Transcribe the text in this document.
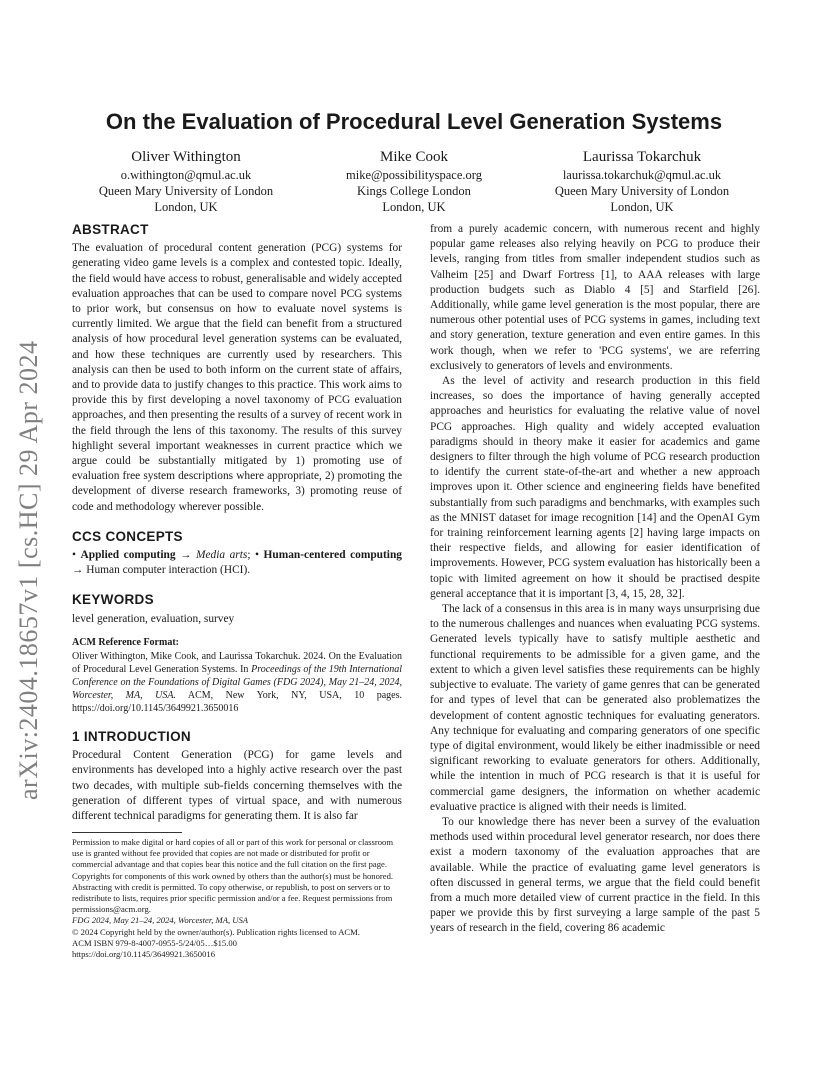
arXiv:2404.18657v1 [cs.HC] 29 Apr 2024
On the Evaluation of Procedural Level Generation Systems
Oliver Withington
o.withington@qmul.ac.uk
Queen Mary University of London
London, UK
Mike Cook
mike@possibilityspace.org
Kings College London
London, UK
Laurissa Tokarchuk
laurissa.tokarchuk@qmul.ac.uk
Queen Mary University of London
London, UK
ABSTRACT

The evaluation of procedural content generation (PCG) systems for generating video game levels is a complex and contested topic. Ideally, the field would have access to robust, generalisable and widely accepted evaluation approaches that can be used to compare novel PCG systems to prior work, but consensus on how to evaluate novel systems is currently limited. We argue that the field can benefit from a structured analysis of how procedural level generation systems can be evaluated, and how these techniques are currently used by researchers. This analysis can then be used to both inform on the current state of affairs, and to provide data to justify changes to this practice. This work aims to provide this by first developing a novel taxonomy of PCG evaluation approaches, and then presenting the results of a survey of recent work in the field through the lens of this taxonomy. The results of this survey highlight several important weaknesses in current practice which we argue could be substantially mitigated by 1) promoting use of evaluation free system descriptions where appropriate, 2) promoting the development of diverse research frameworks, 3) promoting reuse of code and methodology wherever possible.

CCS CONCEPTS

• Applied computing → Media arts; • Human-centered computing → Human computer interaction (HCI).

KEYWORDS

level generation, evaluation, survey

ACM Reference Format:

Oliver Withington, Mike Cook, and Laurissa Tokarchuk. 2024. On the Evaluation of Procedural Level Generation Systems. In Proceedings of the 19th International Conference on the Foundations of Digital Games (FDG 2024), May 21–24, 2024, Worcester, MA, USA. ACM, New York, NY, USA, 10 pages. https://doi.org/10.1145/3649921.3650016

1 INTRODUCTION

Procedural Content Generation (PCG) for game levels and environments has developed into a highly active research over the past two decades, with multiple sub-fields concerning themselves with the generation of different types of virtual space, and with numerous different technical paradigms for generating them. It is also far

Permission to make digital or hard copies of all or part of this work for personal or classroom use is granted without fee provided that copies are not made or distributed for profit or commercial advantage and that copies bear this notice and the full citation on the first page. Copyrights for components of this work owned by others than the author(s) must be honored. Abstracting with credit is permitted. To copy otherwise, or republish, to post on servers or to redistribute to lists, requires prior specific permission and/or a fee. Request permissions from permissions@acm.org.

FDG 2024, May 21–24, 2024, Worcester, MA, USA

© 2024 Copyright held by the owner/author(s). Publication rights licensed to ACM.

ACM ISBN 979-8-4007-0955-5/24/05…$15.00

https://doi.org/10.1145/3649921.3650016

from a purely academic concern, with numerous recent and highly popular game releases also relying heavily on PCG to produce their levels, ranging from titles from smaller independent studios such as Valheim [25] and Dwarf Fortress [1], to AAA releases with large production budgets such as Diablo 4 [5] and Starfield [26]. Additionally, while game level generation is the most popular, there are numerous other potential uses of PCG systems in games, including text and story generation, texture generation and even entire games. In this work though, when we refer to 'PCG systems', we are referring exclusively to generators of levels and environments.

As the level of activity and research production in this field increases, so does the importance of having generally accepted approaches and heuristics for evaluating the relative value of novel PCG approaches. High quality and widely accepted evaluation paradigms should in theory make it easier for academics and game designers to filter through the high volume of PCG research production to identify the current state-of-the-art and whether a new approach improves upon it. Other science and engineering fields have benefited substantially from such paradigms and benchmarks, with examples such as the MNIST dataset for image recognition [14] and the OpenAI Gym for training reinforcement learning agents [2] having large impacts on their respective fields, and allowing for easier identification of improvements. However, PCG system evaluation has historically been a topic with limited agreement on how it should be practised despite general acceptance that it is important [3, 4, 15, 28, 32].

The lack of a consensus in this area is in many ways unsurprising due to the numerous challenges and nuances when evaluating PCG systems. Generated levels typically have to satisfy multiple aesthetic and functional requirements to be admissible for a given game, and the extent to which a given level satisfies these requirements can be highly subjective to evaluate. The variety of game genres that can be generated for and types of level that can be generated also problematizes the development of content agnostic techniques for evaluating generators. Any technique for evaluating and comparing generators of one specific type of digital environment, would likely be either inadmissible or need significant reworking to evaluate generators for others. Additionally, while the intention in much of PCG research is that it is useful for commercial game designers, the information on whether academic evaluative practice is aligned with their needs is limited.

To our knowledge there has never been a survey of the evaluation methods used within procedural level generator research, nor does there exist a modern taxonomy of the evaluation approaches that are available. While the practice of evaluating game level generators is often discussed in general terms, we argue that the field could benefit from a much more detailed view of current practice in the field. In this paper we provide this by first surveying a large sample of the past 5 years of research in the field, covering 86 academic
